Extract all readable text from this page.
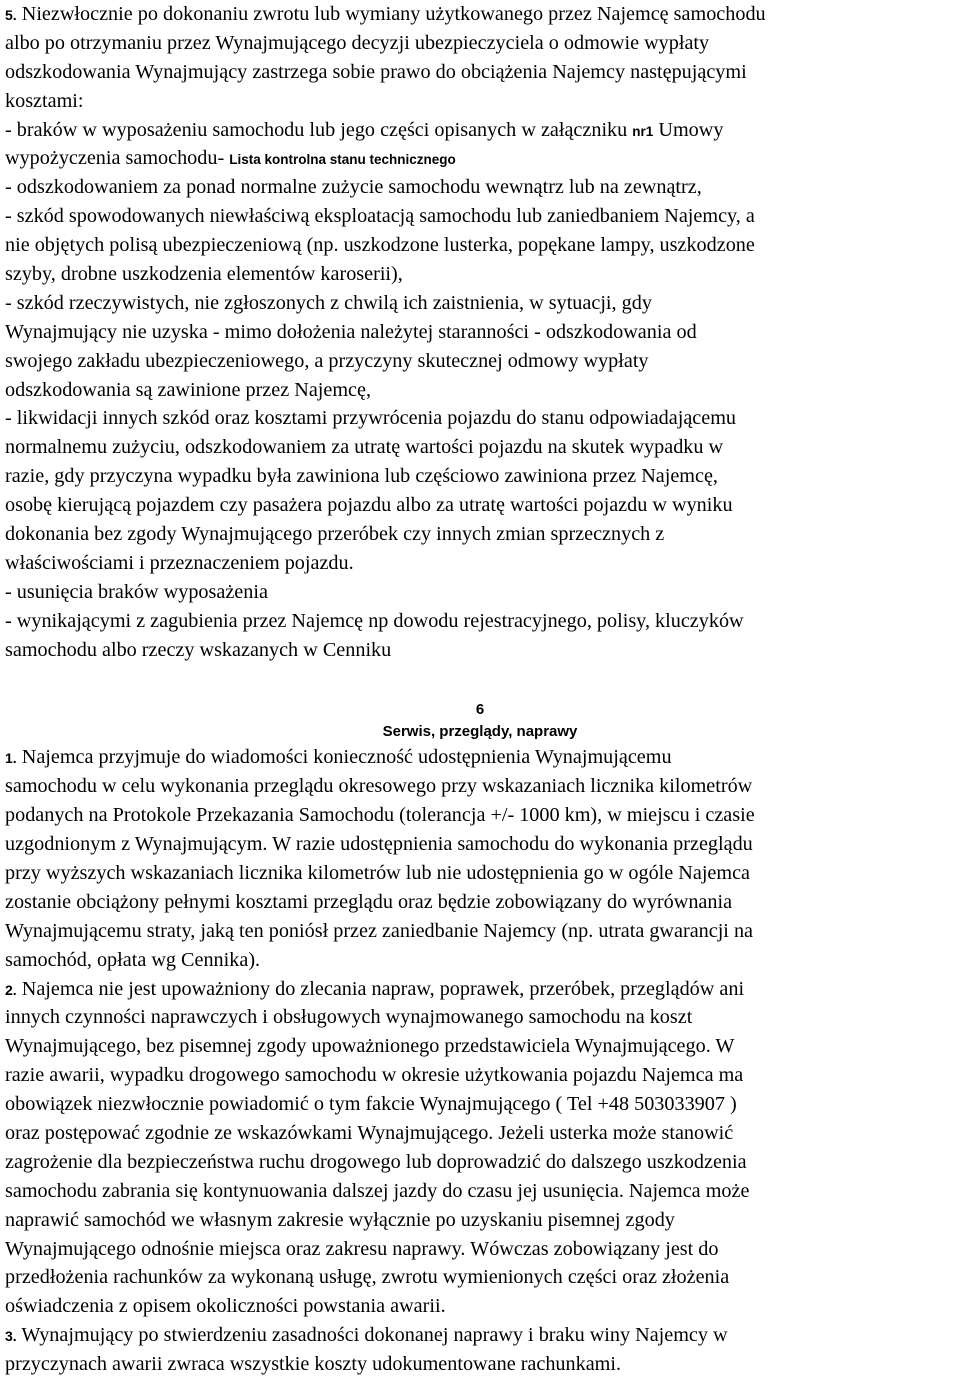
5. Niezwłocznie po dokonaniu zwrotu lub wymiany użytkowanego przez Najemcę samochodu
albo po otrzymaniu przez Wynajmującego decyzji ubezpieczyciela o odmowie wypłaty
odszkodowania Wynajmujący zastrzega sobie prawo do obciążenia Najemcy następującymi
kosztami:
- braków w wyposażeniu samochodu lub jego części opisanych w załączniku nr1 Umowy
wypożyczenia samochodu- Lista kontrolna stanu technicznego
- odszkodowaniem za ponad normalne zużycie samochodu wewnątrz lub na zewnątrz,
- szkód spowodowanych niewłaściwą eksploatacją samochodu lub zaniedbaniem Najemcy, a
nie objętych polisą ubezpieczeniową (np. uszkodzone lusterka, popękane lampy, uszkodzone
szyby, drobne uszkodzenia elementów karoserii),
- szkód rzeczywistych, nie zgłoszonych z chwilą ich zaistnienia, w sytuacji, gdy
Wynajmujący nie uzyska - mimo dołożenia należytej staranności - odszkodowania od
swojego zakładu ubezpieczeniowego, a przyczyny skutecznej odmowy wypłaty
odszkodowania są zawinione przez Najemcę,
- likwidacji innych szkód oraz kosztami przywrócenia pojazdu do stanu odpowiadającemu
normalnemu zużyciu, odszkodowaniem za utratę wartości pojazdu na skutek wypadku w
razie, gdy przyczyna wypadku była zawiniona lub częściowo zawiniona przez Najemcę,
osobę kierującą pojazdem czy pasażera pojazdu albo za utratę wartości pojazdu w wyniku
dokonania bez zgody Wynajmującego przeróbek czy innych zmian sprzecznych z
właściwościami i przeznaczeniem pojazdu.
- usunięcia braków wyposażenia
- wynikającymi z zagubienia przez Najemcę np dowodu rejestracyjnego, polisy, kluczyków
samochodu albo rzeczy wskazanych w Cenniku
6
Serwis, przeglądy, naprawy
1. Najemca przyjmuje do wiadomości konieczność udostępnienia Wynajmującemu
samochodu w celu wykonania przeglądu okresowego przy wskazaniach licznika kilometrów
podanych na Protokole Przekazania Samochodu (tolerancja +/- 1000 km), w miejscu i czasie
uzgodnionym z Wynajmującym. W razie udostępnienia samochodu do wykonania przeglądu
przy wyższych wskazaniach licznika kilometrów lub nie udostępnienia go w ogóle Najemca
zostanie obciążony pełnymi kosztami przeglądu oraz będzie zobowiązany do wyrównania
Wynajmującemu straty, jaką ten poniósł przez zaniedbanie Najemcy (np. utrata gwarancji na
samochód, opłata wg Cennika).
2. Najemca nie jest upoważniony do zlecania napraw, poprawek, przeróbek, przeglądów ani
innych czynności naprawczych i obsługowych wynajmowanego samochodu na koszt
Wynajmującego, bez pisemnej zgody upoważnionego przedstawiciela Wynajmującego. W
razie awarii, wypadku drogowego samochodu w okresie użytkowania pojazdu Najemca ma
obowiązek niezwłocznie powiadomić o tym fakcie Wynajmującego ( Tel +48 503033907 )
oraz postępować zgodnie ze wskazówkami Wynajmującego. Jeżeli usterka może stanowić
zagrożenie dla bezpieczeństwa ruchu drogowego lub doprowadzić do dalszego uszkodzenia
samochodu zabrania się kontynuowania dalszej jazdy do czasu jej usunięcia. Najemca może
naprawić samochód we własnym zakresie wyłącznie po uzyskaniu pisemnej zgody
Wynajmującego odnośnie miejsca oraz zakresu naprawy. Wówczas zobowiązany jest do
przedłożenia rachunków za wykonaną usługę, zwrotu wymienionych części oraz złożenia
oświadczenia z opisem okoliczności powstania awarii.
3. Wynajmujący po stwierdzeniu zasadności dokonanej naprawy i braku winy Najemcy w
przyczynach awarii zwraca wszystkie koszty udokumentowane rachunkami.
